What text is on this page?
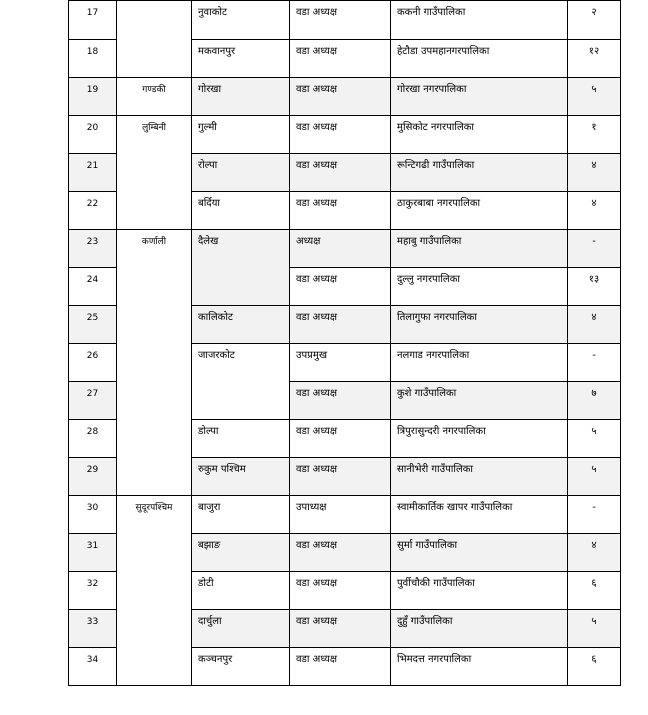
17		नुवाकोट	वडा अध्यक्ष	ककनी गाउँपालिका	२
18		मकवानपुर	वडा अध्यक्ष	हेटौडा उपमहानगरपालिका	१२
19	गण्डकी	गोरखा	वडा अध्यक्ष	गोरखा नगरपालिका	५
20	लुम्बिनी	गुल्मी	वडा अध्यक्ष	मुसिकोट नगरपालिका	१
21		रोल्पा	वडा अध्यक्ष	रून्टिगढी गाउँपालिका	४
22		बर्दिया	वडा अध्यक्ष	ठाकुरबाबा नगरपालिका	४
23	कर्णाली	दैलेख	अध्यक्ष	महाबु गाउँपालिका	-
24			वडा अध्यक्ष	दुल्लु नगरपालिका	१३
25		कालिकोट	वडा अध्यक्ष	तिलागुफा नगरपालिका	४
26		जाजरकोट	उपप्रमुख	नलगाड नगरपालिका	-
27			वडा अध्यक्ष	कुशे गाउँपालिका	७
28		डोल्पा	वडा अध्यक्ष	त्रिपुरासुन्दरी नगरपालिका	५
29		रुकुम पश्चिम	वडा अध्यक्ष	सानीभेरी गाउँपालिका	५
30	सुदूरपश्चिम	बाजुरा	उपाध्यक्ष	स्वामीकार्तिक खापर गाउँपालिका	-
31		बझाङ	वडा अध्यक्ष	सुर्मा गाउँपालिका	४
32		डोटी	वडा अध्यक्ष	पुर्वीचौकी गाउँपालिका	६
33		दार्चुला	वडा अध्यक्ष	दुहुँ गाउँपालिका	५
34		कञ्चनपुर	वडा अध्यक्ष	भिमदत्त नगरपालिका	६
